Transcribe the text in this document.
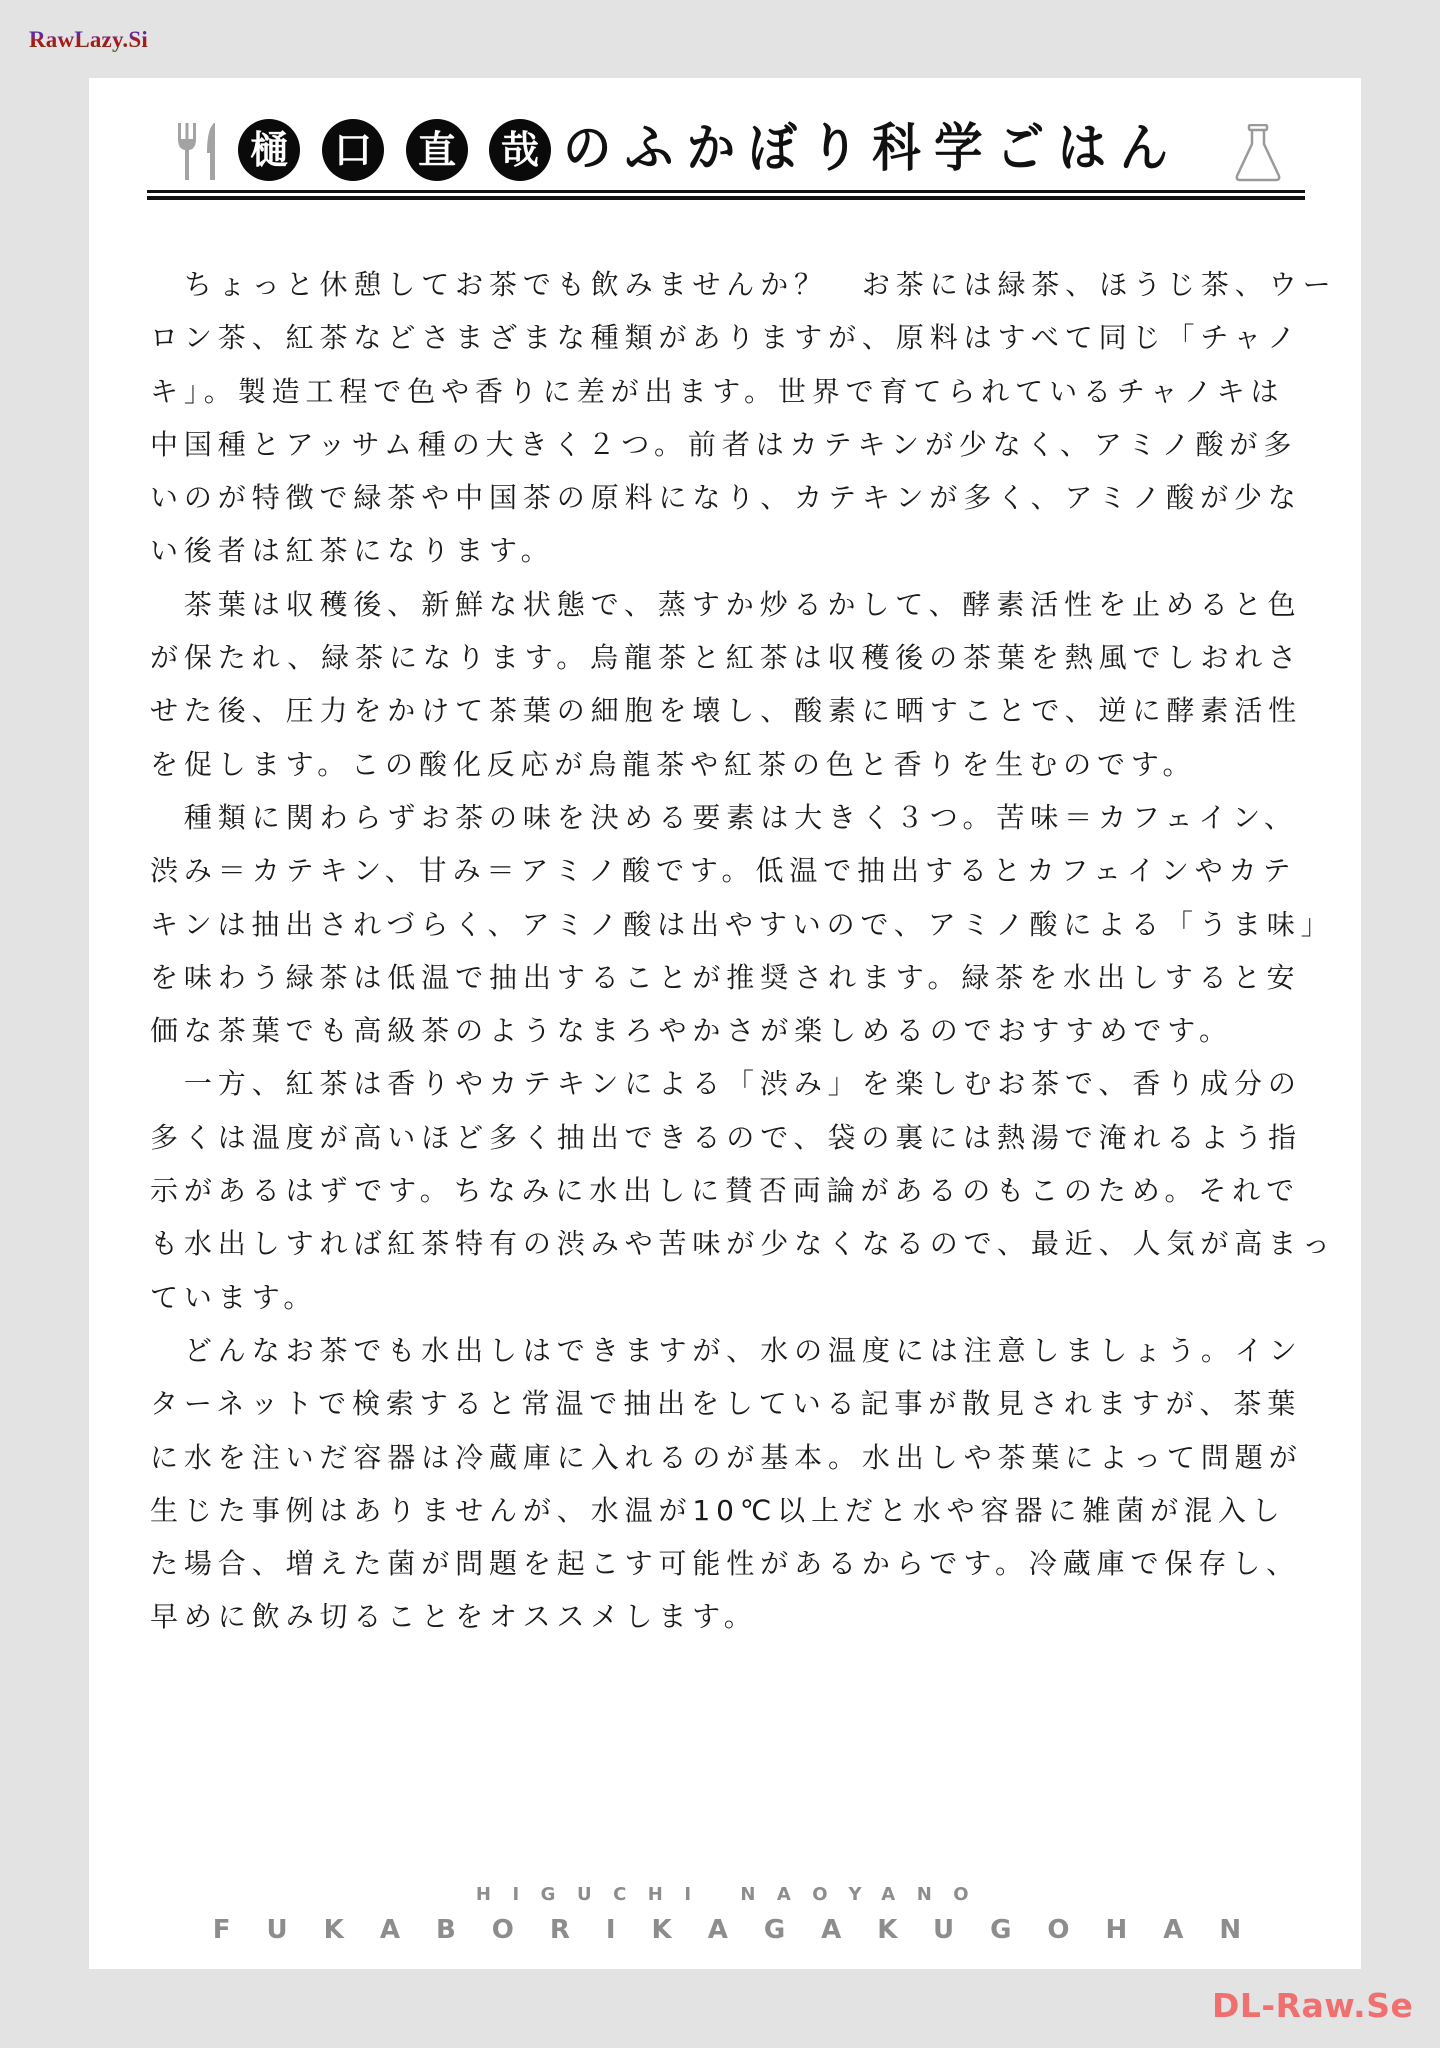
RawLazy.Si
樋	口	直	哉 のふかぼり科学ごはん
　ちょっと休憩してお茶でも飲みませんか？　お茶には緑茶、ほうじ茶、ウー
ロン茶、紅茶などさまざまな種類がありますが、原料はすべて同じ「チャノ
キ」。製造工程で色や香りに差が出ます。世界で育てられているチャノキは
中国種とアッサム種の大きく２つ。前者はカテキンが少なく、アミノ酸が多
いのが特徴で緑茶や中国茶の原料になり、カテキンが多く、アミノ酸が少な
い後者は紅茶になります。
　茶葉は収穫後、新鮮な状態で、蒸すか炒るかして、酵素活性を止めると色
が保たれ、緑茶になります。烏龍茶と紅茶は収穫後の茶葉を熱風でしおれさ
せた後、圧力をかけて茶葉の細胞を壊し、酸素に晒すことで、逆に酵素活性
を促します。この酸化反応が烏龍茶や紅茶の色と香りを生むのです。
　種類に関わらずお茶の味を決める要素は大きく３つ。苦味＝カフェイン、
渋み＝カテキン、甘み＝アミノ酸です。低温で抽出するとカフェインやカテ
キンは抽出されづらく、アミノ酸は出やすいので、アミノ酸による「うま味」
を味わう緑茶は低温で抽出することが推奨されます。緑茶を水出しすると安
価な茶葉でも高級茶のようなまろやかさが楽しめるのでおすすめです。
　一方、紅茶は香りやカテキンによる「渋み」を楽しむお茶で、香り成分の
多くは温度が高いほど多く抽出できるので、袋の裏には熱湯で淹れるよう指
示があるはずです。ちなみに水出しに賛否両論があるのもこのため。それで
も水出しすれば紅茶特有の渋みや苦味が少なくなるので、最近、人気が高まっ
ています。
　どんなお茶でも水出しはできますが、水の温度には注意しましょう。イン
ターネットで検索すると常温で抽出をしている記事が散見されますが、茶葉
に水を注いだ容器は冷蔵庫に入れるのが基本。水出しや茶葉によって問題が
生じた事例はありませんが、水温が10℃以上だと水や容器に雑菌が混入し
た場合、増えた菌が問題を起こす可能性があるからです。冷蔵庫で保存し、
早めに飲み切ることをオススメします。
HIGUCHI NAOYANO
FUKABORIKAGAKUGOHAN
DL-Raw.Se
